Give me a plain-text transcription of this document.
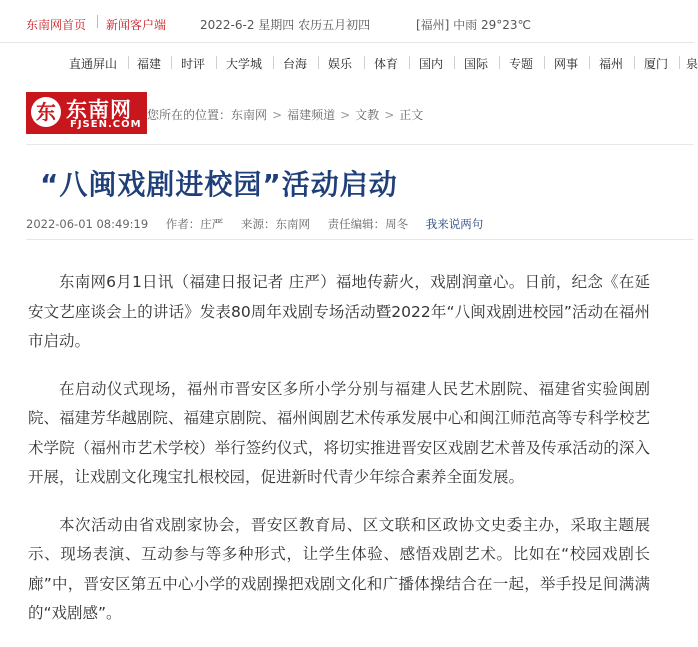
东南网首页 新闻客户端	2022-6-2 星期四 农历五月初四	[福州] 中雨 29°23℃
直通屏山 福建 时评 大学城 台海 娱乐 体育 国内 国际 专题 网事 福州 厦门 泉
东 东南网
FJSEN.COM
您所在的位置：东南网 > 福建频道 > 文教 > 正文
“八闽戏剧进校园”活动启动
2022-06-01 08:49:19 作者：庄严 来源：东南网 责任编辑：周冬 我来说两句

东南网6月1日讯（福建日报记者 庄严）福地传薪火，戏剧润童心。日前，纪念《在延安文艺座谈会上的讲话》发表80周年戏剧专场活动暨2022年“八闽戏剧进校园”活动在福州市启动。

在启动仪式现场，福州市晋安区多所小学分别与福建人民艺术剧院、福建省实验闽剧院、福建芳华越剧院、福建京剧院、福州闽剧艺术传承发展中心和闽江师范高等专科学校艺术学院（福州市艺术学校）举行签约仪式，将切实推进晋安区戏剧艺术普及传承活动的深入开展，让戏剧文化瑰宝扎根校园，促进新时代青少年综合素养全面发展。

本次活动由省戏剧家协会，晋安区教育局、区文联和区政协文史委主办，采取主题展示、现场表演、互动参与等多种形式，让学生体验、感悟戏剧艺术。比如在“校园戏剧长廊”中，晋安区第五中心小学的戏剧操把戏剧文化和广播体操结合在一起，举手投足间满满的“戏剧感”。
